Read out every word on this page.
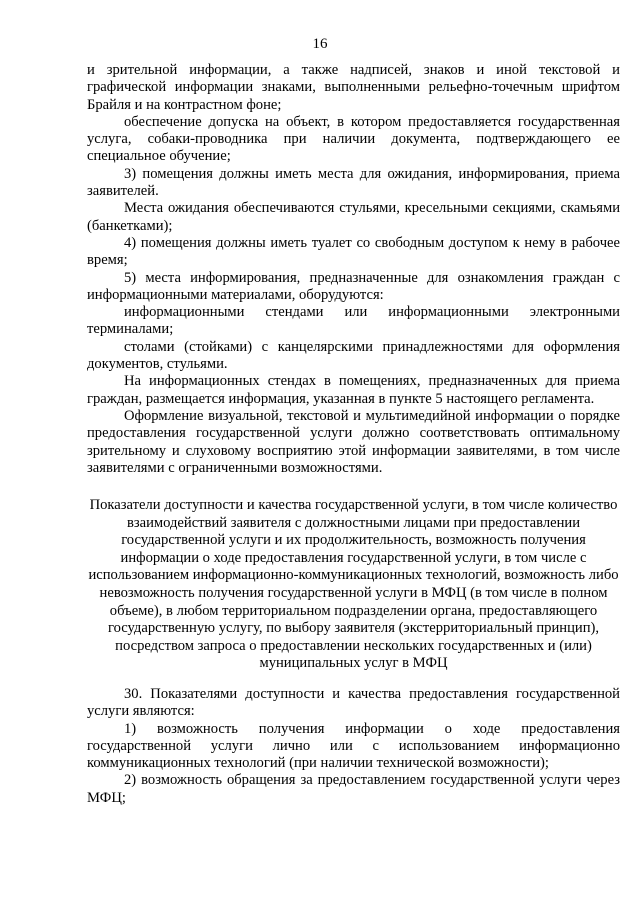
16

и зрительной информации, а также надписей, знаков и иной текстовой и графической информации знаками, выполненными рельефно-точечным шрифтом Брайля и на контрастном фоне;

обеспечение допуска на объект, в котором предоставляется государственная услуга, собаки-проводника при наличии документа, подтверждающего ее специальное обучение;

3) помещения должны иметь места для ожидания, информирования, приема заявителей.

Места ожидания обеспечиваются стульями, кресельными секциями, скамьями (банкетками);

4) помещения должны иметь туалет со свободным доступом к нему в рабочее время;

5) места информирования, предназначенные для ознакомления граждан с информационными материалами, оборудуются:

информационными стендами или информационными электронными терминалами;

столами (стойками) с канцелярскими принадлежностями для оформления документов, стульями.

На информационных стендах в помещениях, предназначенных для приема граждан, размещается информация, указанная в пункте 5 настоящего регламента.

Оформление визуальной, текстовой и мультимедийной информации о порядке предоставления государственной услуги должно соответствовать оптимальному зрительному и слуховому восприятию этой информации заявителями, в том числе заявителями с ограниченными возможностями.

Показатели доступности и качества государственной услуги, в том числе количество взаимодействий заявителя с должностными лицами при предоставлении государственной услуги и их продолжительность, возможность получения информации о ходе предоставления государственной услуги, в том числе с использованием информационно-коммуникационных технологий, возможность либо невозможность получения государственной услуги в МФЦ (в том числе в полном объеме), в любом территориальном подразделении органа, предоставляющего государственную услугу, по выбору заявителя (экстерриториальный принцип), посредством запроса о предоставлении нескольких государственных и (или) муниципальных услуг в МФЦ

30. Показателями доступности и качества предоставления государственной услуги являются:

1) возможность получения информации о ходе предоставления государственной услуги лично или с использованием информационно коммуникационных технологий (при наличии технической возможности);

2) возможность обращения за предоставлением государственной услуги через МФЦ;
